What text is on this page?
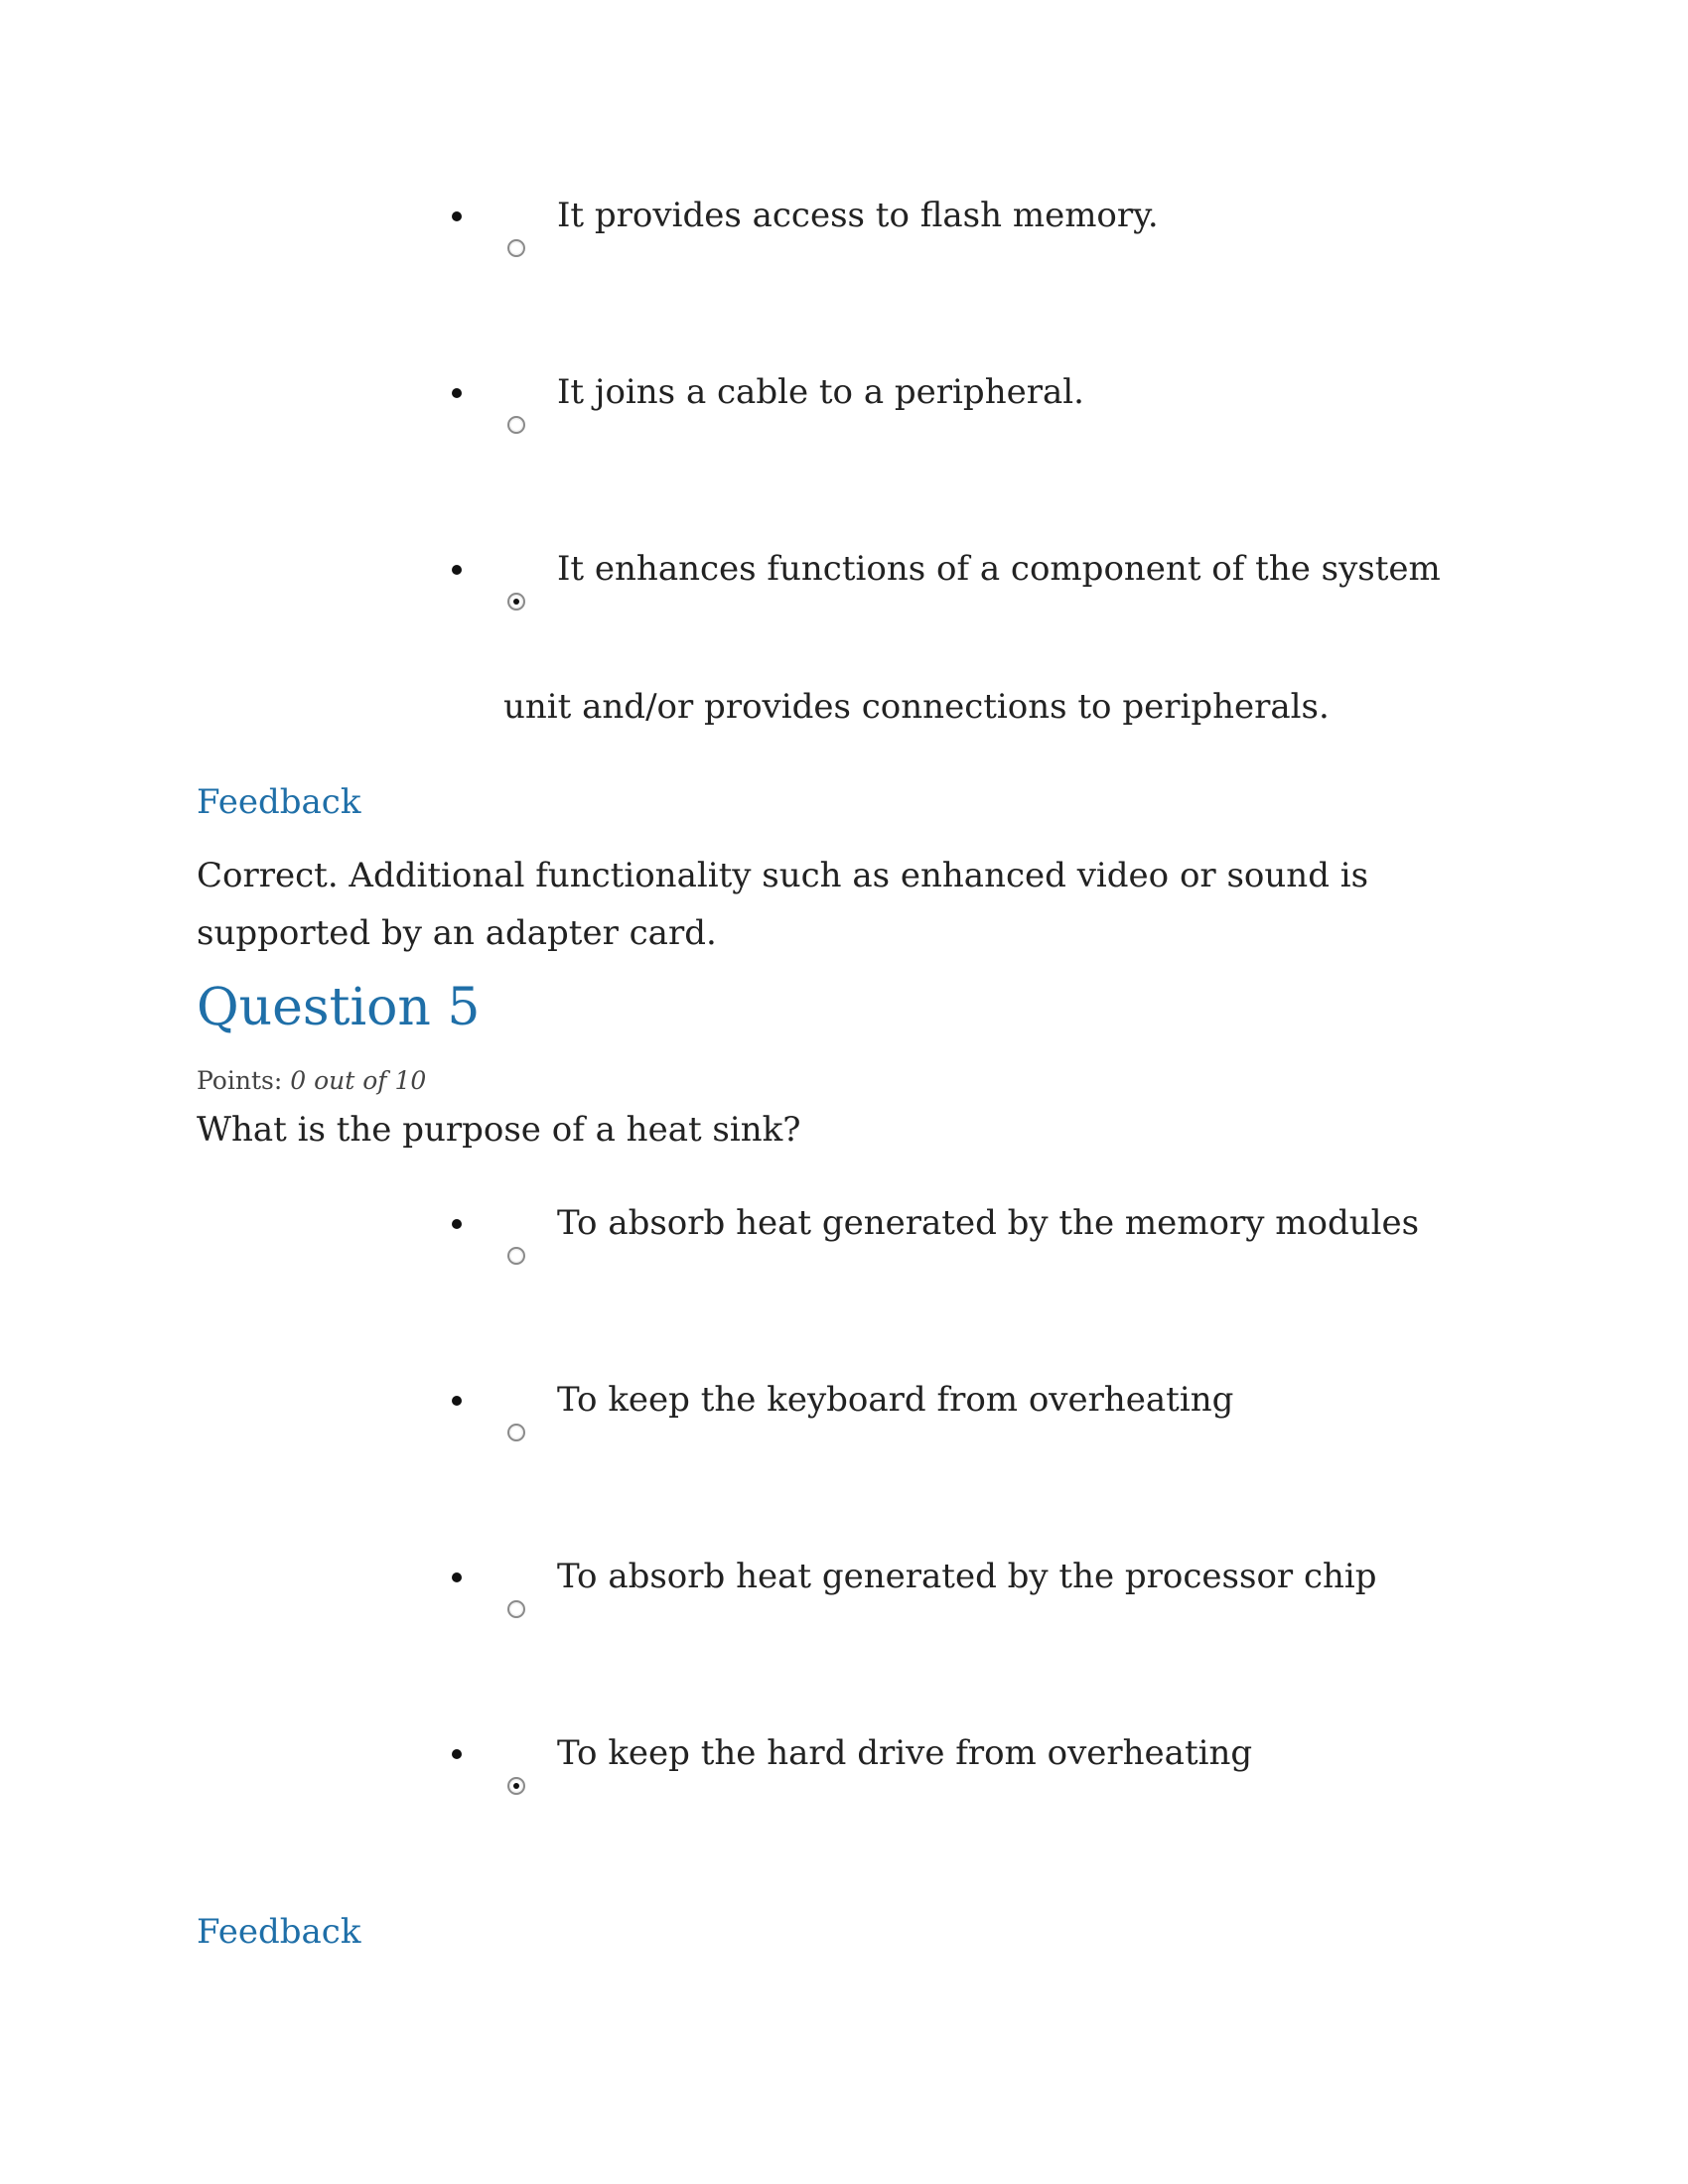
It provides access to flash memory.
It joins a cable to a peripheral.
It enhances functions of a component of the system
unit and/or provides connections to peripherals.
Feedback
Correct. Additional functionality such as enhanced video or sound is
supported by an adapter card.
Question 5
Points: 0 out of 10
What is the purpose of a heat sink?
To absorb heat generated by the memory modules
To keep the keyboard from overheating
To absorb heat generated by the processor chip
To keep the hard drive from overheating
Feedback
